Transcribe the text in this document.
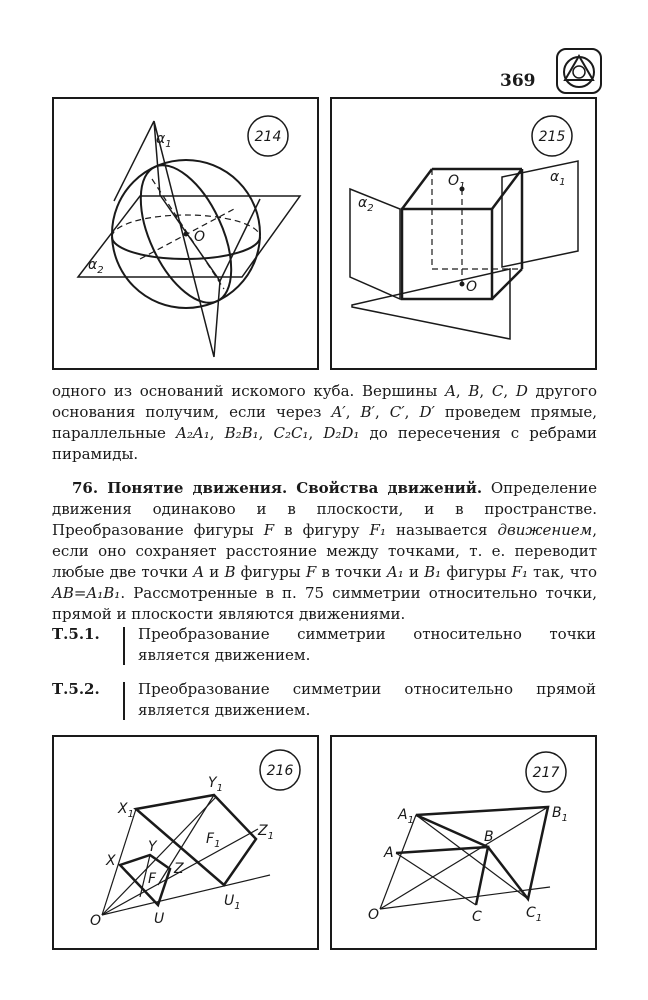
369
214
O
$\alpha_1$
$\alpha_2$
215
$O_1$
O
$\alpha_1$
$\alpha_2$

одного из оснований искомого куба. Вершины A, B, C, D другого основания получим, если через A′, B′, C′, D′ проведем прямые, параллельные A₂A₁, B₂B₁, C₂C₁, D₂D₁ до пересечения с ребрами пирамиды.

76. Понятие движения. Свойства движений. Определение движения одинаково и в плоскости, и в пространстве. Преобразование фигуры F в фигуру F₁ называется движением, если оно сохраняет расстояние между точками, т. е. переводит любые две точки A и B фигуры F в точки A₁ и B₁ фигуры F₁ так, что AB=A₁B₁. Рассмотренные в п. 75 симметрии относительно точки, прямой и плоскости являются движениями.

Т.5.1.	Преобразование симметрии относительно точки является движением.
Т.5.2.	Преобразование симметрии относительно прямой является движением.
216
$X_1$
$Y_1$
$Z_1$
$F_1$
X
Y
Z
F
O	U
$U_1$
217
$A_1$	$B_1$
A
B
O	C	$C_1$
